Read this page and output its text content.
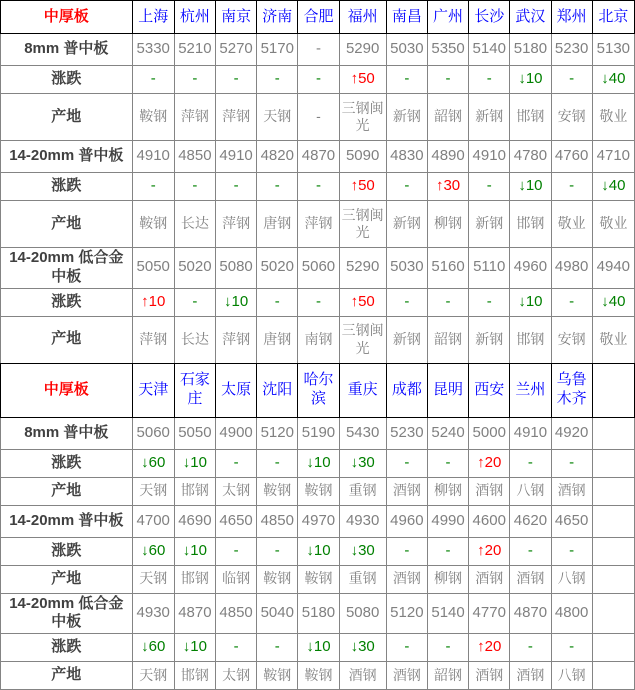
中厚板	上海	杭州	南京	济南	合肥	福州	南昌	广州	长沙	武汉	郑州	北京
8mm 普中板	5330	5210	5270	5170	-	5290	5030	5350	5140	5180	5230	5130
涨跌	-	-	-	-	-	↑50	-	-	-	↓10	-	↓40
产地	鞍钢	萍钢	萍钢	天钢	-	三钢闽光	新钢	韶钢	新钢	邯钢	安钢	敬业
14-20mm 普中板	4910	4850	4910	4820	4870	5090	4830	4890	4910	4780	4760	4710
涨跌	-	-	-	-	-	↑50	-	↑30	-	↓10	-	↓40
产地	鞍钢	长达	萍钢	唐钢	萍钢	三钢闽光	新钢	柳钢	新钢	邯钢	敬业	敬业
14-20mm 低合金中板	5050	5020	5080	5020	5060	5290	5030	5160	5110	4960	4980	4940
涨跌	↑10	-	↓10	-	-	↑50	-	-	-	↓10	-	↓40
产地	萍钢	长达	萍钢	唐钢	南钢	三钢闽光	新钢	韶钢	新钢	邯钢	安钢	敬业
中厚板	天津	石家庄	太原	沈阳	哈尔滨	重庆	成都	昆明	西安	兰州	乌鲁木齐	
8mm 普中板	5060	5050	4900	5120	5190	5430	5230	5240	5000	4910	4920	
涨跌	↓60	↓10	-	-	↓10	↓30	-	-	↑20	-	-	
产地	天钢	邯钢	太钢	鞍钢	鞍钢	重钢	酒钢	柳钢	酒钢	八钢	酒钢	
14-20mm 普中板	4700	4690	4650	4850	4970	4930	4960	4990	4600	4620	4650	
涨跌	↓60	↓10	-	-	↓10	↓30	-	-	↑20	-	-	
产地	天钢	邯钢	临钢	鞍钢	鞍钢	重钢	酒钢	柳钢	酒钢	酒钢	八钢	
14-20mm 低合金中板	4930	4870	4850	5040	5180	5080	5120	5140	4770	4870	4800	
涨跌	↓60	↓10	-	-	↓10	↓30	-	-	↑20	-	-	
产地	天钢	邯钢	太钢	鞍钢	鞍钢	酒钢	酒钢	韶钢	酒钢	酒钢	八钢	
